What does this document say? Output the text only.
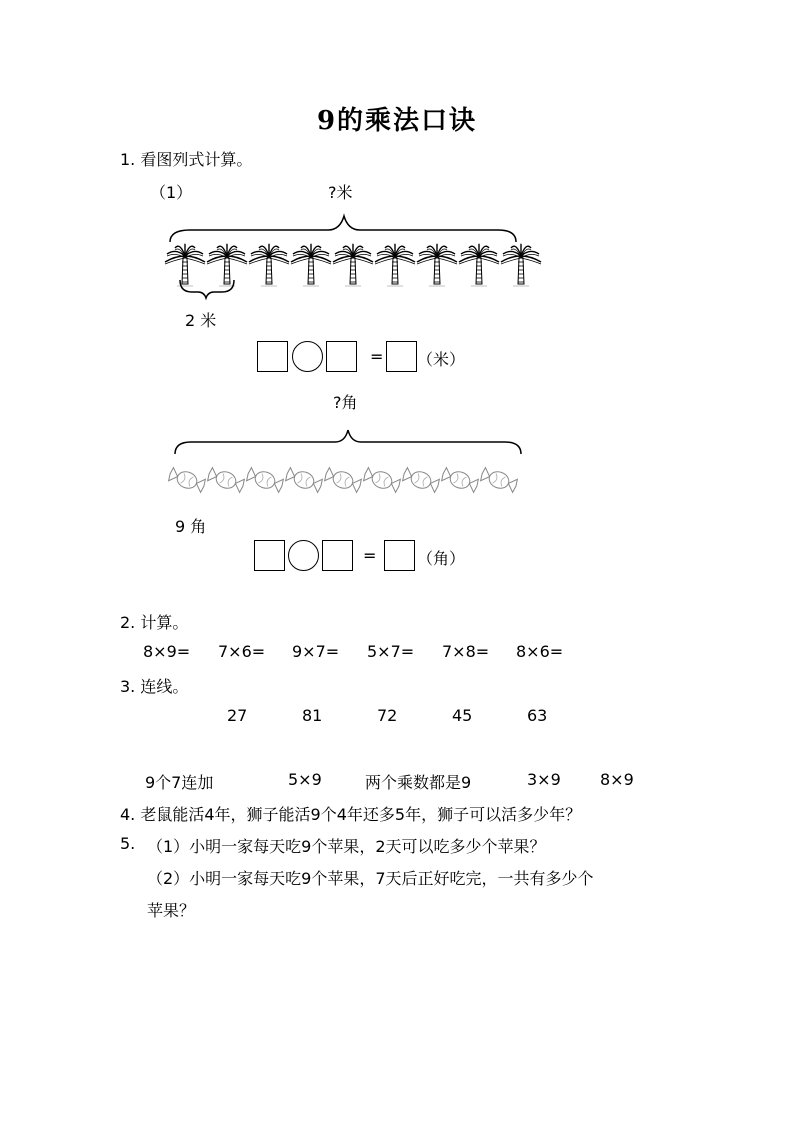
9的乘法口诀
1. 看图列式计算。
（1）	?米
2 米
= （米）
?角
9 角
=	（角）
2. 计算。
8×9= 7×6= 9×7= 5×7= 7×8= 8×6=
3. 连线。
27	81	72	45	63
9个7连加	5×9	两个乘数都是9	3×9 8×9
4. 老鼠能活4年，狮子能活9个4年还多5年，狮子可以活多少年？
5. （1）小明一家每天吃9个苹果，2天可以吃多少个苹果？
（2）小明一家每天吃9个苹果，7天后正好吃完，一共有多少个
苹果？
